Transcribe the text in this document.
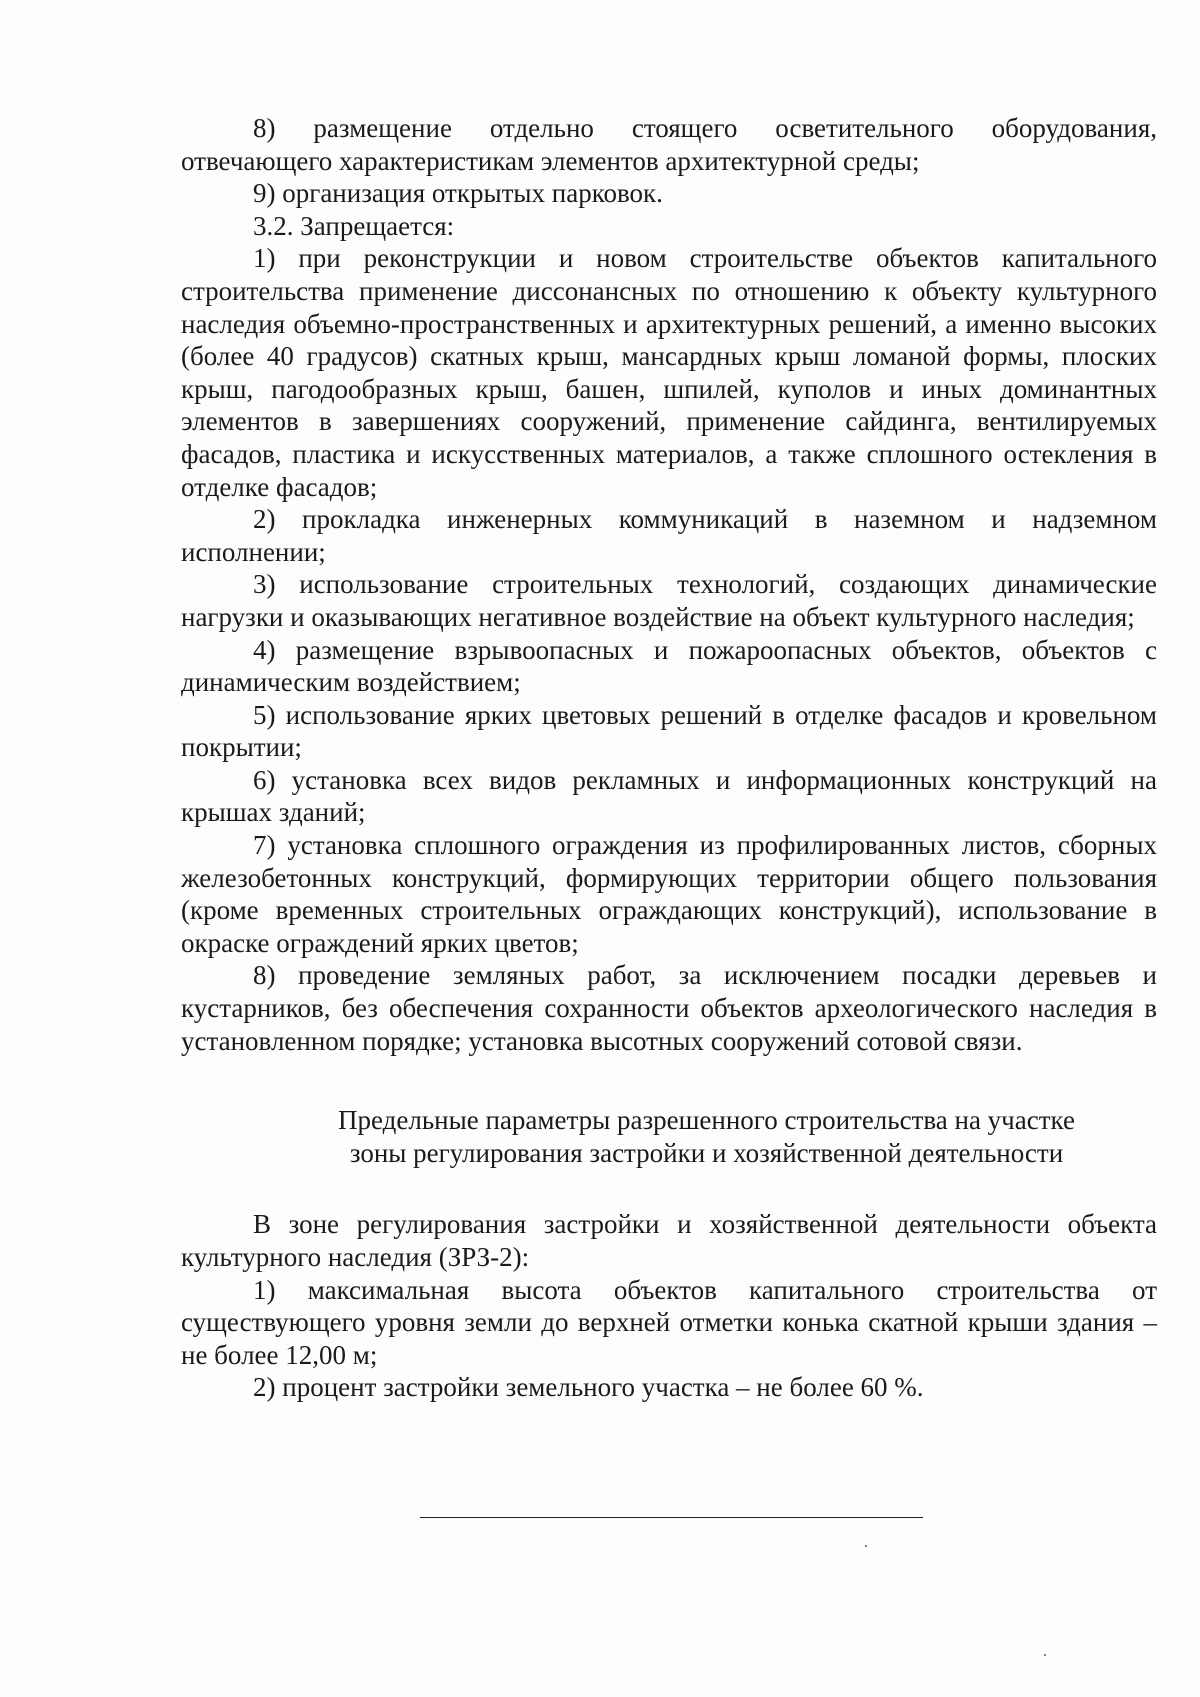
8) размещение отдельно стоящего осветительного оборудования, отвечающего характеристикам элементов архитектурной среды;

9) организация открытых парковок.

3.2. Запрещается:

1) при реконструкции и новом строительстве объектов капитального строительства применение диссонансных по отношению к объекту культурного наследия объемно-пространственных и архитектурных решений, а именно высоких (более 40 градусов) скатных крыш, мансардных крыш ломаной формы, плоских крыш, пагодообразных крыш, башен, шпилей, куполов и иных доминантных элементов в завершениях сооружений, применение сайдинга, вентилируемых фасадов, пластика и искусственных материалов, а также сплошного остекления в отделке фасадов;

2) прокладка инженерных коммуникаций в наземном и надземном исполнении;

3) использование строительных технологий, создающих динамические нагрузки и оказывающих негативное воздействие на объект культурного наследия;

4) размещение взрывоопасных и пожароопасных объектов, объектов с динамическим воздействием;

5) использование ярких цветовых решений в отделке фасадов и кровельном покрытии;

6) установка всех видов рекламных и информационных конструкций на крышах зданий;

7) установка сплошного ограждения из профилированных листов, сборных железобетонных конструкций, формирующих территории общего пользования (кроме временных строительных ограждающих конструкций), использование в окраске ограждений ярких цветов;

8) проведение земляных работ, за исключением посадки деревьев и кустарников, без обеспечения сохранности объектов археологического наследия в установленном порядке; установка высотных сооружений сотовой связи.

Предельные параметры разрешенного строительства на участке

зоны регулирования застройки и хозяйственной деятельности

В зоне регулирования застройки и хозяйственной деятельности объекта культурного наследия (ЗРЗ-2):

1) максимальная высота объектов капитального строительства от существующего уровня земли до верхней отметки конька скатной крыши здания – не более 12,00 м;

2) процент застройки земельного участка – не более 60 %.
